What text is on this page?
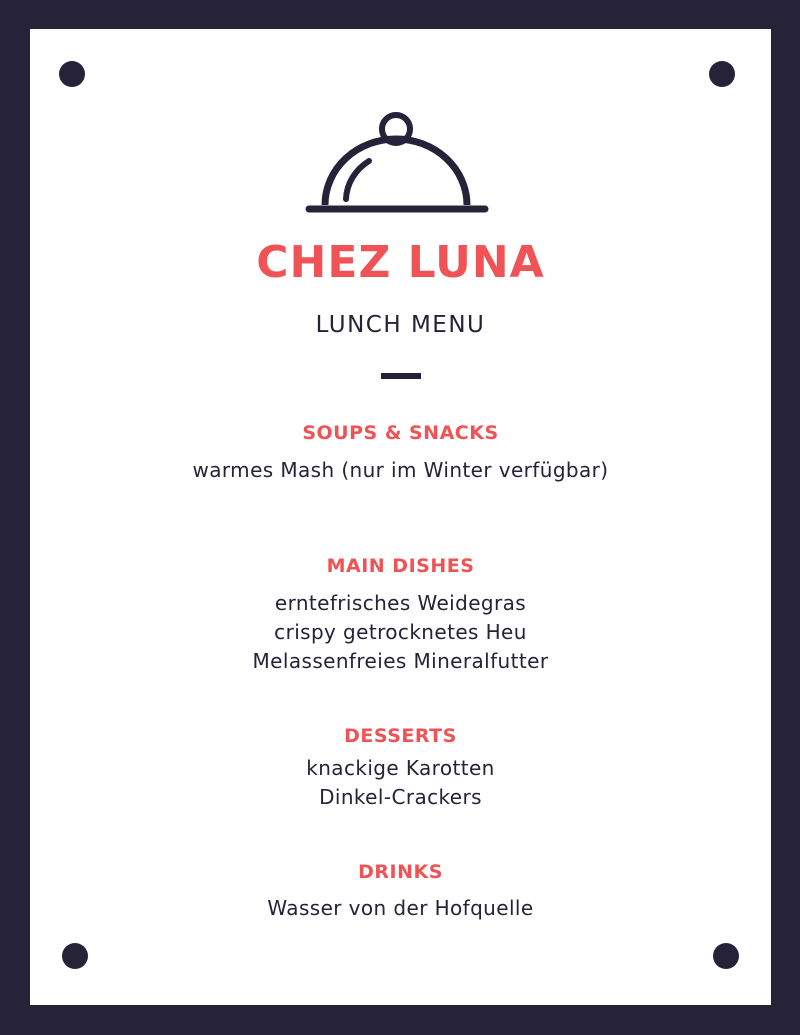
CHEZ LUNA
LUNCH MENU
SOUPS & SNACKS
warmes Mash (nur im Winter verfügbar)
MAIN DISHES
erntefrisches Weidegras
crispy getrocknetes Heu
Melassenfreies Mineralfutter
DESSERTS
knackige Karotten
Dinkel-Crackers
DRINKS
Wasser von der Hofquelle
